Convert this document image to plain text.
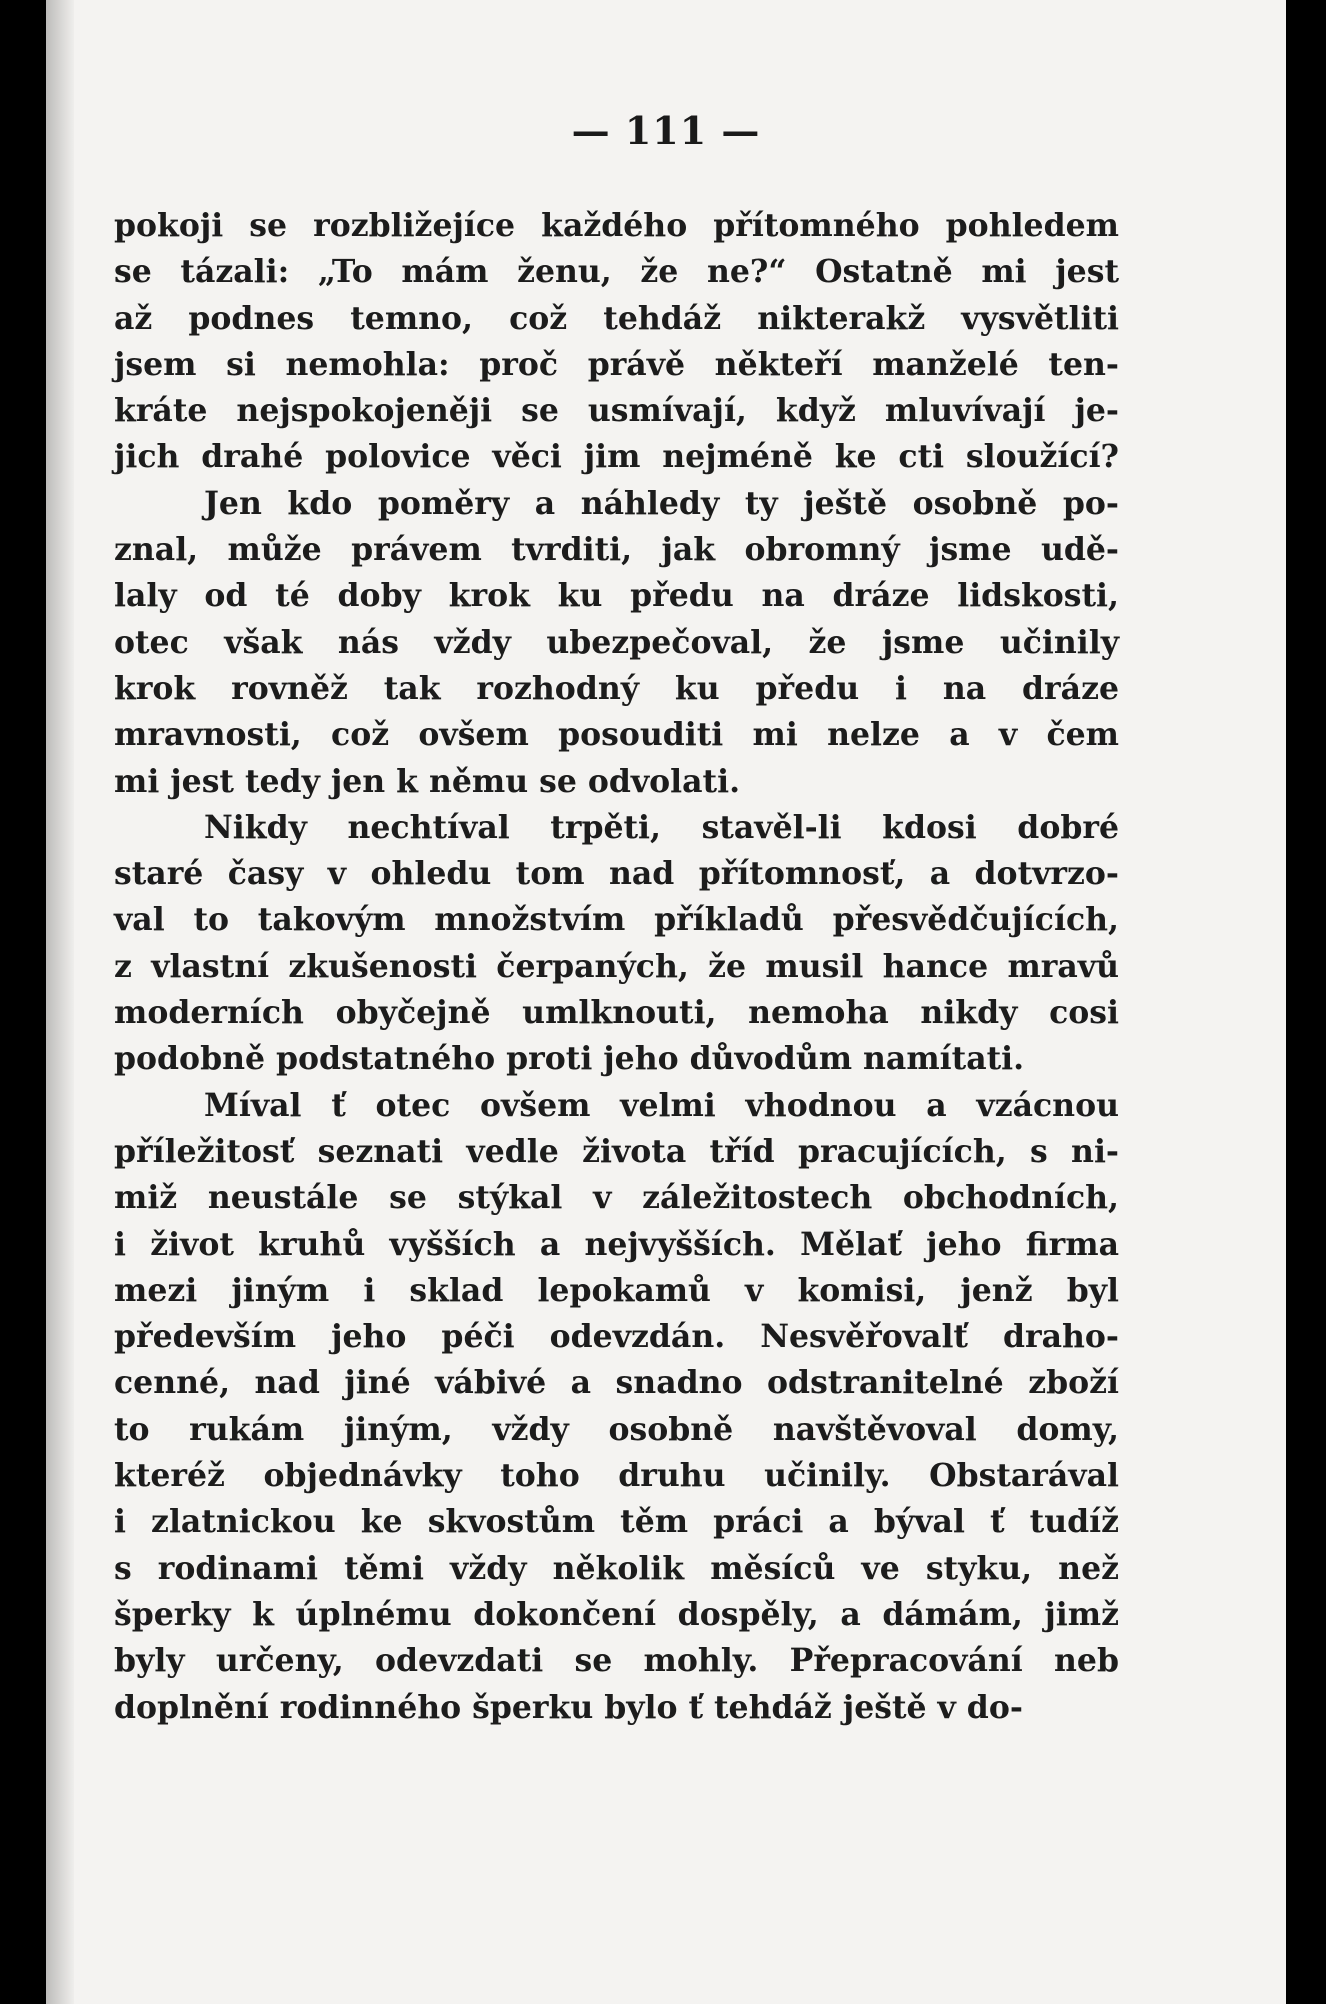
— 111 —
pokoji se rozbližejíce každého přítomného pohledem
se tázali: „To mám ženu, že ne?“ Ostatně mi jest
až podnes temno, což tehdáž nikterakž vysvětliti
jsem si nemohla: proč právě někteří manželé ten-
kráte nejspokojeněji se usmívají, když mluvívají je-
jich drahé polovice věci jim nejméně ke cti sloužící?
Jen kdo poměry a náhledy ty ještě osobně po-
znal, může právem tvrditi, jak obromný jsme udě-
laly od té doby krok ku předu na dráze lidskosti,
otec však nás vždy ubezpečoval, že jsme učinily
krok rovněž tak rozhodný ku předu i na dráze
mravnosti, což ovšem posouditi mi nelze a v čem
mi jest tedy jen k němu se odvolati.
Nikdy nechtíval trpěti, stavěl-li kdosi dobré
staré časy v ohledu tom nad přítomnosť, a dotvrzo-
val to takovým množstvím příkladů přesvědčujících,
z vlastní zkušenosti čerpaných, že musil hance mravů
moderních obyčejně umlknouti, nemoha nikdy cosi
podobně podstatného proti jeho důvodům namítati.
Míval ť otec ovšem velmi vhodnou a vzácnou
příležitosť seznati vedle života tříd pracujících, s ni-
miž neustále se stýkal v záležitostech obchodních,
i život kruhů vyšších a nejvyšších. Mělať jeho firma
mezi jiným i sklad lepokamů v komisi, jenž byl
především jeho péči odevzdán. Nesvěřovalť draho-
cenné, nad jiné vábivé a snadno odstranitelné zboží
to rukám jiným, vždy osobně navštěvoval domy,
kteréž objednávky toho druhu učinily. Obstarával
i zlatnickou ke skvostům těm práci a býval ť tudíž
s rodinami těmi vždy několik měsíců ve styku, než
šperky k úplnému dokončení dospěly, a dámám, jimž
byly určeny, odevzdati se mohly. Přepracování neb
doplnění rodinného šperku bylo ť tehdáž ještě v do-
